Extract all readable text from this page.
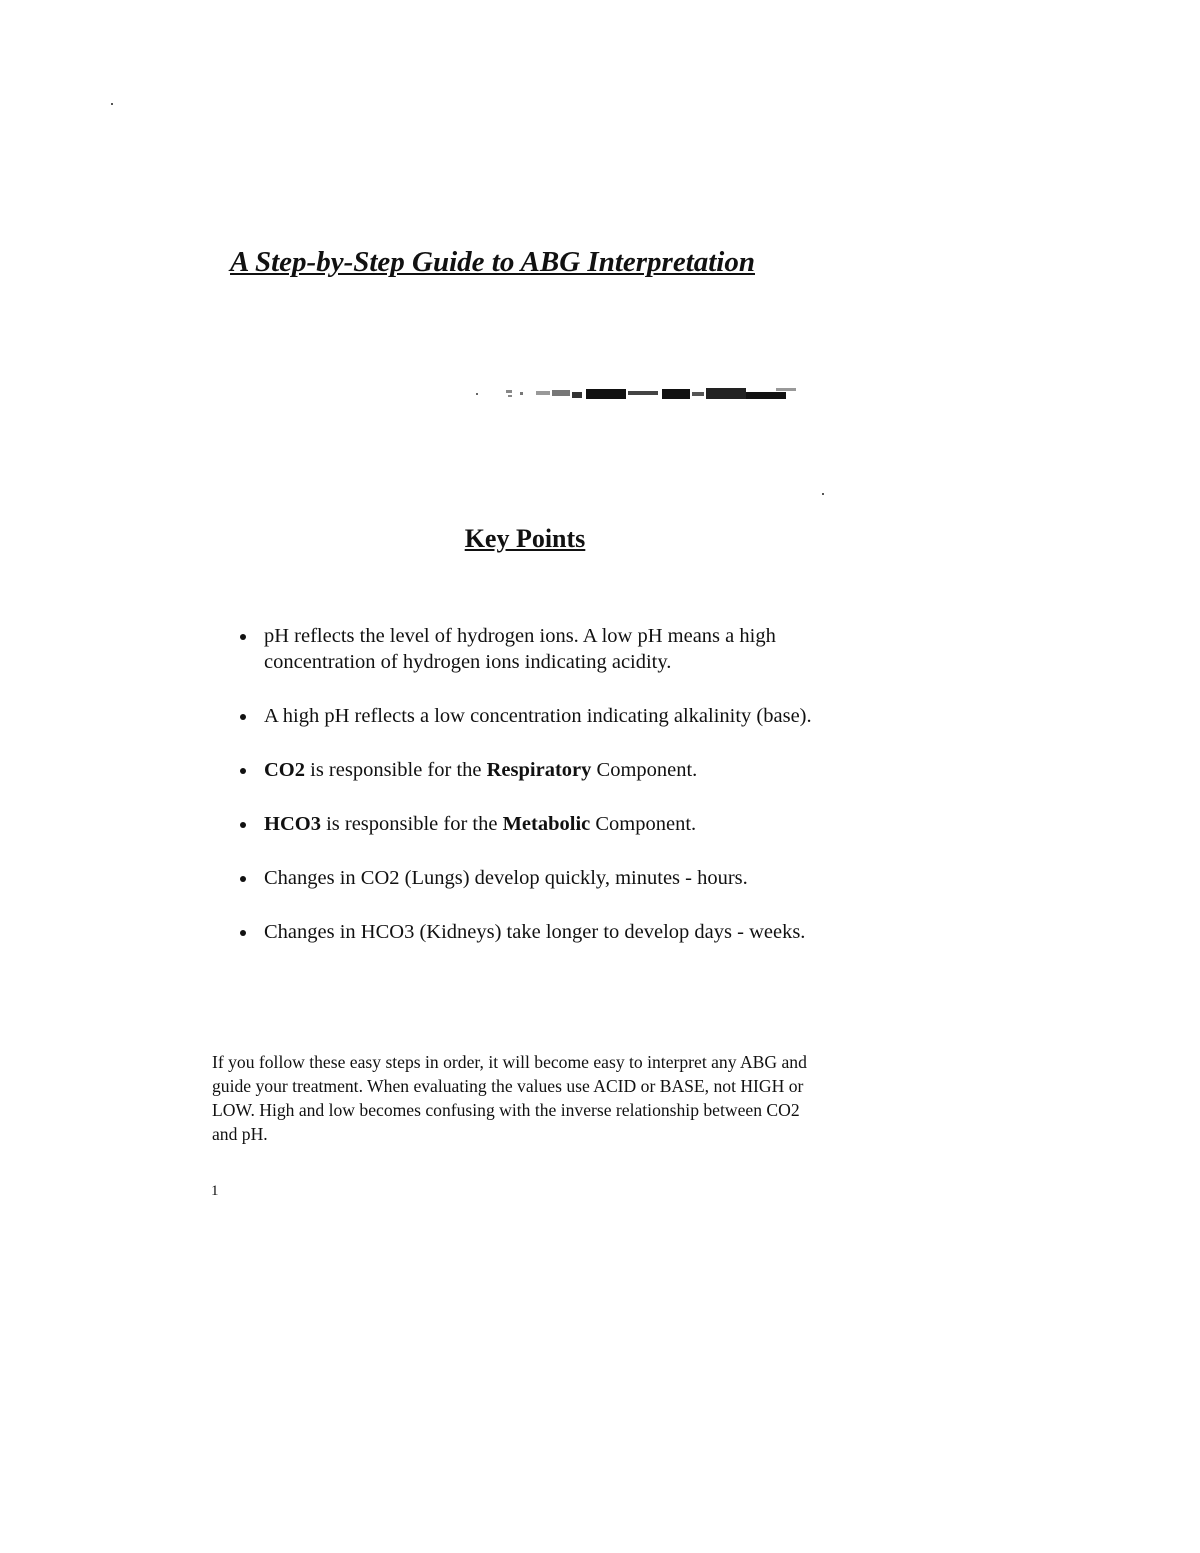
A Step-by-Step Guide to ABG Interpretation
Key Points
pH reflects the level of hydrogen ions. A low pH means a high concentration of hydrogen ions indicating acidity.
A high pH reflects a low concentration indicating alkalinity (base).
CO2 is responsible for the Respiratory Component.
HCO3 is responsible for the Metabolic Component.
Changes in CO2 (Lungs) develop quickly, minutes - hours.
Changes in HCO3 (Kidneys) take longer to develop days - weeks.

If you follow these easy steps in order, it will become easy to interpret any ABG and guide your treatment. When evaluating the values use ACID or BASE, not HIGH or LOW. High and low becomes confusing with the inverse relationship between CO2 and pH.

1
